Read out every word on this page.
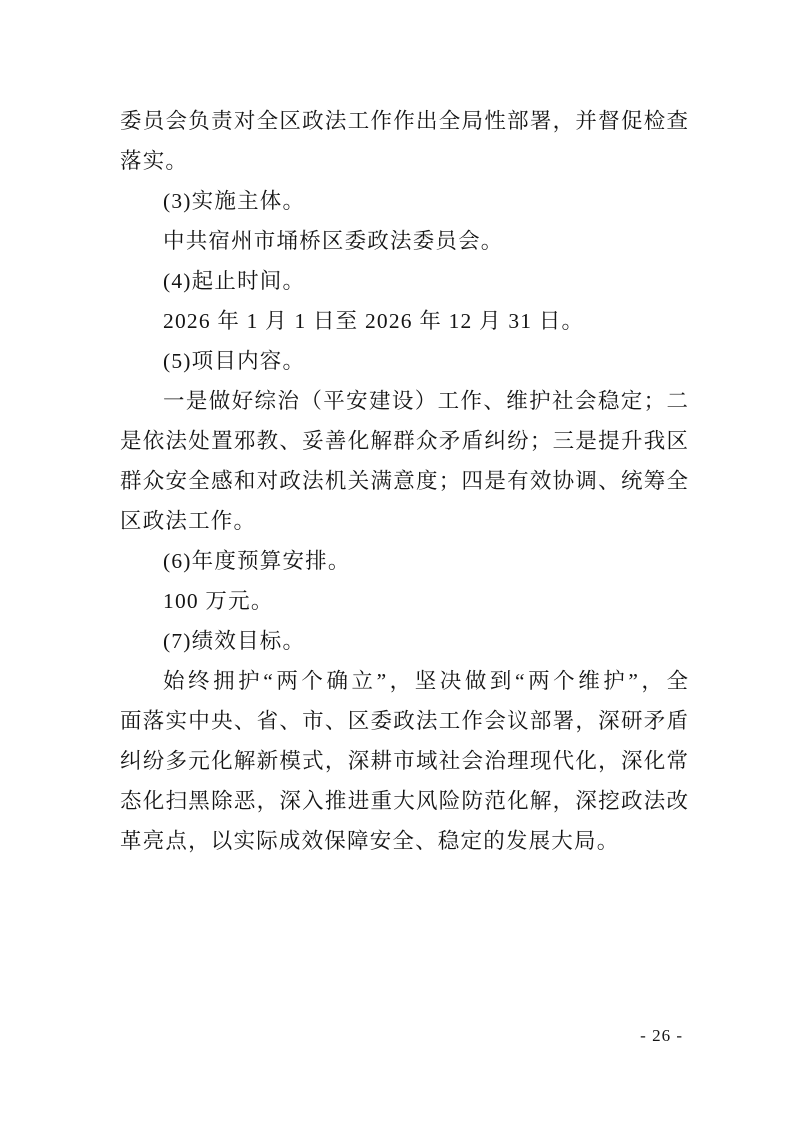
委员会负责对全区政法工作作出全局性部署，并督促检查
落实。
(3)实施主体。
中共宿州市埇桥区委政法委员会。
(4)起止时间。
2026 年 1 月 1 日至 2026 年 12 月 31 日。
(5)项目内容。
一是做好综治（平安建设）工作、维护社会稳定；二
是依法处置邪教、妥善化解群众矛盾纠纷；三是提升我区
群众安全感和对政法机关满意度；四是有效协调、统筹全
区政法工作。
(6)年度预算安排。
100 万元。
(7)绩效目标。
始终拥护“两个确立”，坚决做到“两个维护”，全
面落实中央、省、市、区委政法工作会议部署，深研矛盾
纠纷多元化解新模式，深耕市域社会治理现代化，深化常
态化扫黑除恶，深入推进重大风险防范化解，深挖政法改
革亮点，以实际成效保障安全、稳定的发展大局。
- 26 -
